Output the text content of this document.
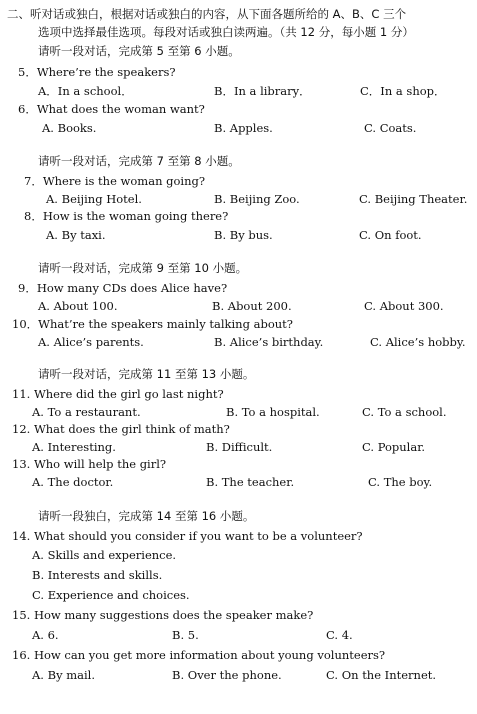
二、听对话或独白，根据对话或独白的内容，从下面各题所给的 A、B、C 三个
选项中选择最佳选项。每段对话或独白读两遍。（共 12 分，每小题 1 分）
请听一段对话，完成第 5 至第 6 小题。
5．Where’re the speakers?
A．In a school．	B．In a library．	C．In a shop．
6．What does the woman want?
A. Books.	B. Apples.	C. Coats.
请听一段对话，完成第 7 至第 8 小题。
7．Where is the woman going?
A. Beijing Hotel.	B. Beijing Zoo.	C. Beijing Theater.
8．How is the woman going there?
A. By taxi.	B. By bus.	C. On foot.
请听一段对话，完成第 9 至第 10 小题。
9．How many CDs does Alice have?
A. About 100.	B. About 200.	C. About 300.
10．What’re the speakers mainly talking about?
A. Alice’s parents.	B. Alice’s birthday.	C. Alice’s hobby.
请听一段对话，完成第 11 至第 13 小题。
11. Where did the girl go last night?
A. To a restaurant.	B. To a hospital.	C. To a school.
12. What does the girl think of math?
A. Interesting.	B. Difficult.	C. Popular.
13. Who will help the girl?
A. The doctor.	B. The teacher.	C. The boy.
请听一段独白，完成第 14 至第 16 小题。
14. What should you consider if you want to be a volunteer?
A. Skills and experience.
B. Interests and skills.
C. Experience and choices.
15. How many suggestions does the speaker make?
A. 6.	B. 5.	C. 4.
16. How can you get more information about young volunteers?
A. By mail.	B. Over the phone.	C. On the Internet.
